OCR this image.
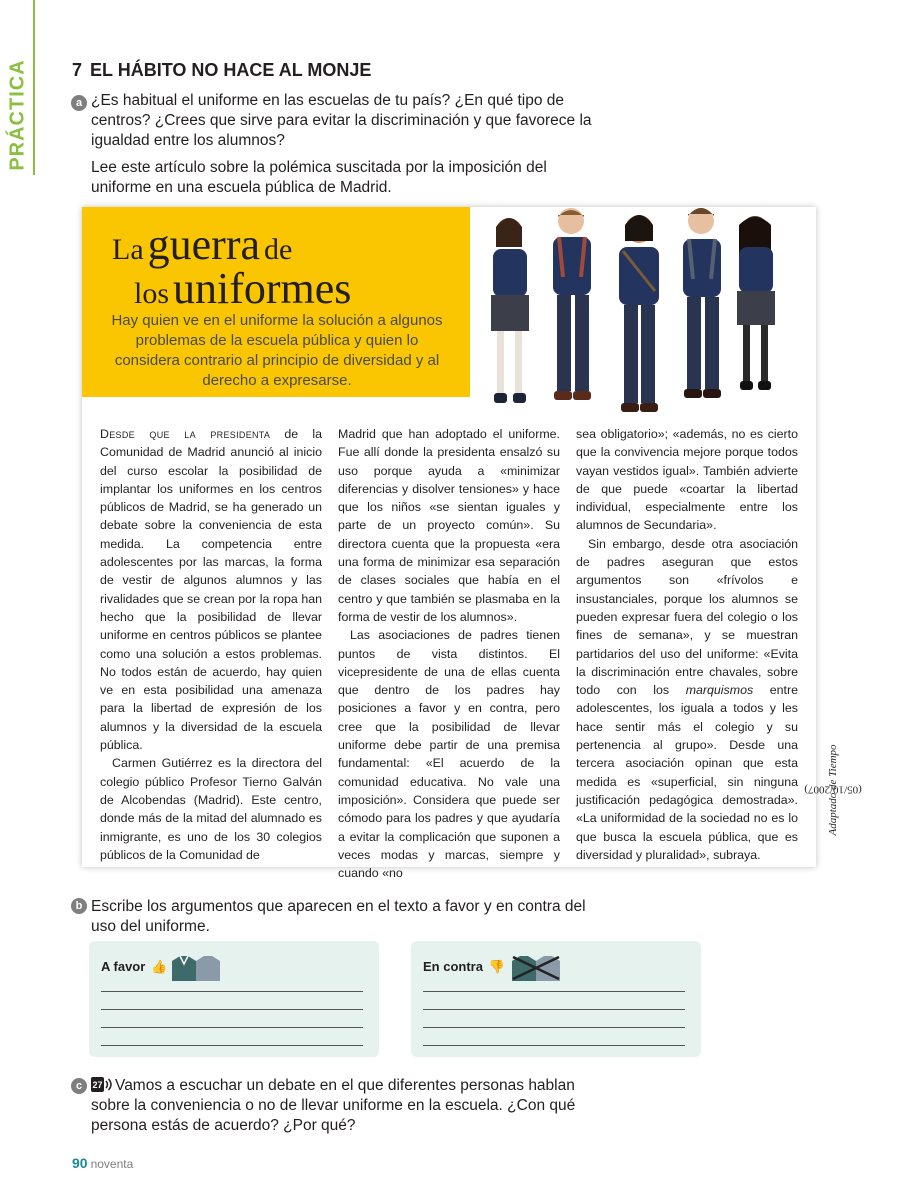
PRÁCTICA 7 EL HÁBITO NO HACE AL MONJE
a ¿Es habitual el uniforme en las escuelas de tu país? ¿En qué tipo de centros? ¿Crees que sirve para evitar la discriminación y que favorece la igualdad entre los alumnos?
Lee este artículo sobre la polémica suscitada por la imposición del uniforme en una escuela pública de Madrid.
La guerra de
los uniformes
Hay quien ve en el uniforme la solución a algunos problemas de la escuela pública y quien lo considera contrario al principio de diversidad y al derecho a expresarse.

Desde que la presidenta de la Comunidad de Madrid anunció al inicio del curso escolar la posibilidad de implantar los uniformes en los centros públicos de Madrid, se ha generado un debate sobre la conveniencia de esta medida. La competencia entre adolescentes por las marcas, la forma de vestir de algunos alumnos y las rivalidades que se crean por la ropa han hecho que la posibilidad de llevar uniforme en centros públicos se plantee como una solución a estos problemas. No todos están de acuerdo, hay quien ve en esta posibilidad una amenaza para la libertad de expresión de los alumnos y la diversidad de la escuela pública.

Carmen Gutiérrez es la directora del colegio público Profesor Tierno Galván de Alcobendas (Madrid). Este centro, donde más de la mitad del alumnado es inmigrante, es uno de los 30 colegios públicos de la Comunidad de

Madrid que han adoptado el uniforme. Fue allí donde la presidenta ensalzó su uso porque ayuda a «minimizar diferencias y disolver tensiones» y hace que los niños «se sientan iguales y parte de un proyecto común». Su directora cuenta que la propuesta «era una forma de minimizar esa separación de clases sociales que había en el centro y que también se plasmaba en la forma de vestir de los alumnos».

Las asociaciones de padres tienen puntos de vista distintos. El vicepresidente de una de ellas cuenta que dentro de los padres hay posiciones a favor y en contra, pero cree que la posibilidad de llevar uniforme debe partir de una premisa fundamental: «El acuerdo de la comunidad educativa. No vale una imposición». Considera que puede ser cómodo para los padres y que ayudaría a evitar la complicación que suponen a veces modas y marcas, siempre y cuando «no

sea obligatorio»; «además, no es cierto que la convivencia mejore porque todos vayan vestidos igual». También advierte de que puede «coartar la libertad individual, especialmente entre los alumnos de Secundaria».

Sin embargo, desde otra asociación de padres aseguran que estos argumentos son «frívolos e insustanciales, porque los alumnos se pueden expresar fuera del colegio o los fines de semana», y se muestran partidarios del uso del uniforme: «Evita la discriminación entre chavales, sobre todo con los marquismos entre adolescentes, los iguala a todos y les hace sentir más el colegio y su pertenencia al grupo». Desde una tercera asociación opinan que esta medida es «superficial, sin ninguna justificación pedagógica demostrada». «La uniformidad de la sociedad no es lo que busca la escuela pública, que es diversidad y pluralidad», subraya.

Adaptado de Tiempo
(05/10/2007)
b Escribe los argumentos que aparecen en el texto a favor y en contra del uso del uniforme.
A favor 👍	En contra 👎
c	27 Vamos a escuchar un debate en el que diferentes personas hablan sobre la conveniencia o no de llevar uniforme en la escuela. ¿Con qué persona estás de acuerdo? ¿Por qué?
90 noventa
